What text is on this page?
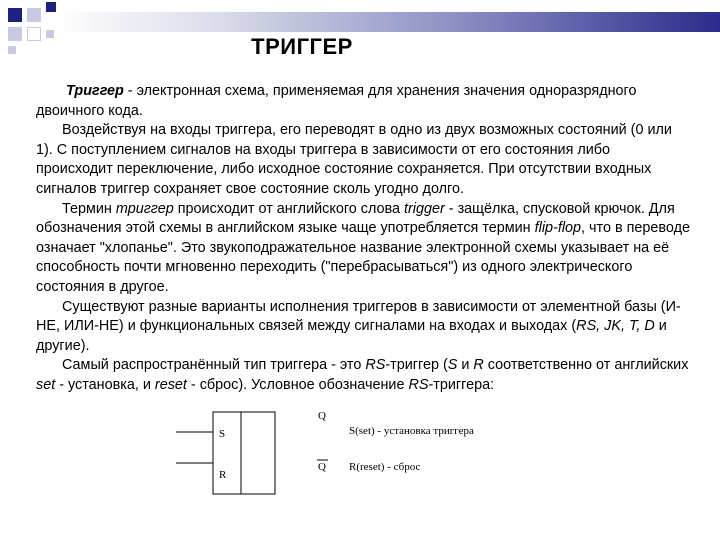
ТРИГГЕР

Триггер - электронная схема, применяемая для хранения значения одноразрядного двоичного кода.

Воздействуя на входы триггера, его переводят в одно из двух возможных состояний (0 или 1). С поступлением сигналов на входы триггера в зависимости от его состояния либо происходит переключение, либо исходное состояние сохраняется. При отсутствии входных сигналов триггер сохраняет свое состояние сколь угодно долго.

Термин триггер происходит от английского слова trigger - защёлка, спусковой крючок. Для обозначения этой схемы в английском языке чаще употребляется термин flip-flop, что в переводе означает "хлопанье". Это звукоподражательное название электронной схемы указывает на её способность почти мгновенно переходить ("перебрасываться") из одного электрического состояния в другое.

Существуют разные варианты исполнения триггеров в зависимости от элементной базы (И-НЕ, ИЛИ-НЕ) и функциональных связей между сигналами на входах и выходах (RS, JK, T, D и другие).

Самый распространённый тип триггера - это RS-триггер (S и R соответственно от английских set - установка, и reset - сброс). Условное обозначение RS-триггера:

S
R
Q
Q
S(set) - установка триггера
R(reset) - сброс
